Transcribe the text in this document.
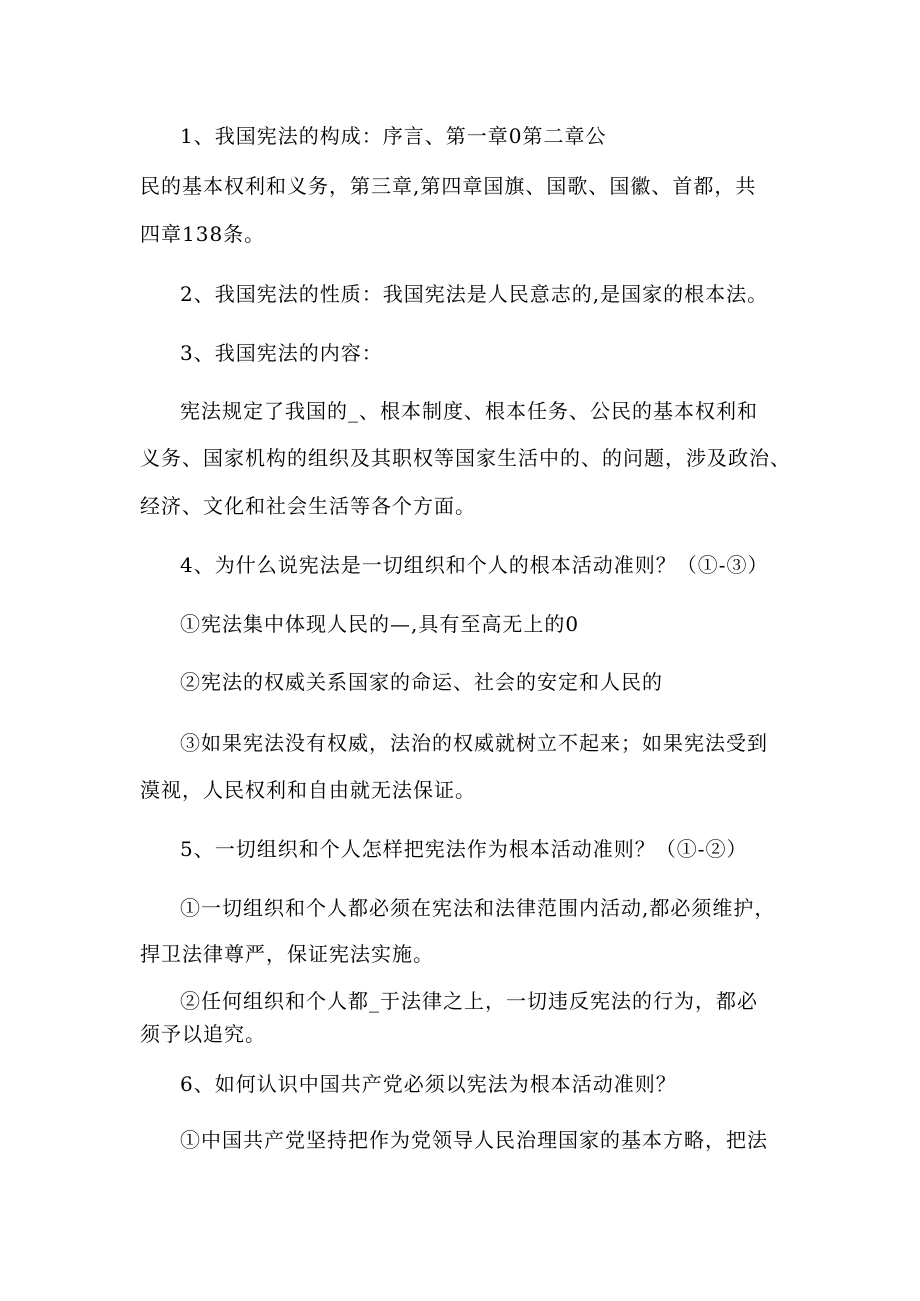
1、我国宪法的构成：序言、第一章0第二章公
民的基本权利和义务，第三章,第四章国旗、国歌、国徽、首都，共
四章138条。
2、我国宪法的性质：我国宪法是人民意志的,是国家的根本法。
3、我国宪法的内容：
宪法规定了我国的_、根本制度、根本任务、公民的基本权利和
义务、国家机构的组织及其职权等国家生活中的、的问题，涉及政治、
经济、文化和社会生活等各个方面。
4、为什么说宪法是一切组织和个人的根本活动准则？（①-③）
①宪法集中体现人民的—,具有至高无上的0
②宪法的权威关系国家的命运、社会的安定和人民的
③如果宪法没有权威，法治的权威就树立不起来；如果宪法受到
漠视，人民权利和自由就无法保证。
5、一切组织和个人怎样把宪法作为根本活动准则？（①-②）
①一切组织和个人都必须在宪法和法律范围内活动,都必须维护，
捍卫法律尊严，保证宪法实施。
②任何组织和个人都_于法律之上，一切违反宪法的行为，都必
须予以追究。
6、如何认识中国共产党必须以宪法为根本活动准则？
①中国共产党坚持把作为党领导人民治理国家的基本方略，把法
